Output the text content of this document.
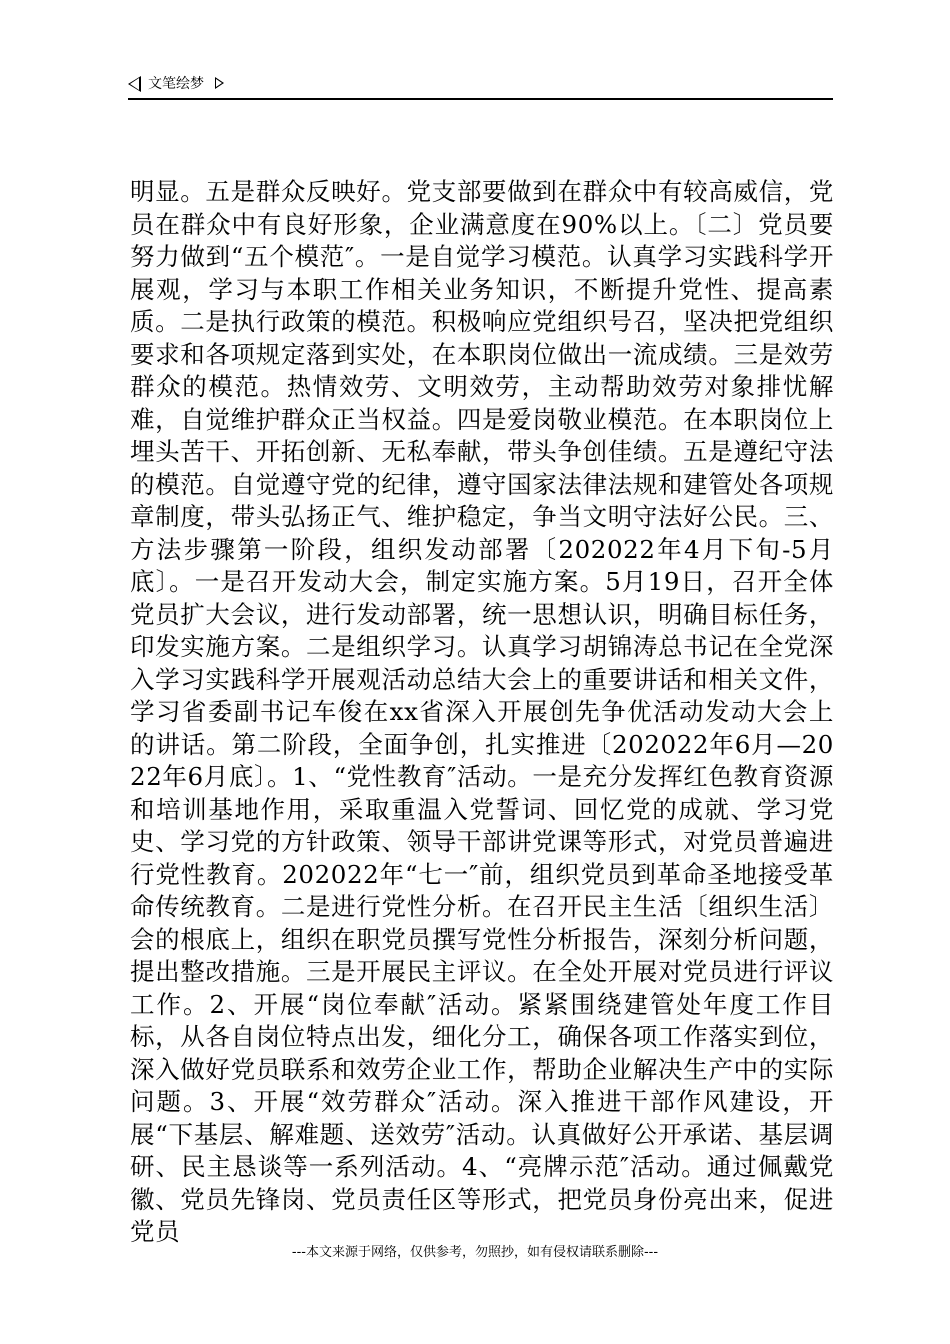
文笔绘梦

明显。五是群众反映好。党支部要做到在群众中有较高威信，党员在群众中有良好形象，企业满意度在90%以上。〔二〕党员要努力做到“五个模范″。一是自觉学习模范。认真学习实践科学开展观，学习与本职工作相关业务知识，不断提升党性、提高素质。二是执行政策的模范。积极响应党组织号召，坚决把党组织要求和各项规定落到实处，在本职岗位做出一流成绩。三是效劳群众的模范。热情效劳、文明效劳，主动帮助效劳对象排忧解难，自觉维护群众正当权益。四是爱岗敬业模范。在本职岗位上埋头苦干、开拓创新、无私奉献，带头争创佳绩。五是遵纪守法的模范。自觉遵守党的纪律，遵守国家法律法规和建管处各项规章制度，带头弘扬正气、维护稳定，争当文明守法好公民。三、方法步骤第一阶段，组织发动部署〔202022年4月下旬-5月底〕。一是召开发动大会，制定实施方案。5月19日，召开全体党员扩大会议，进行发动部署，统一思想认识，明确目标任务，印发实施方案。二是组织学习。认真学习胡锦涛总书记在全党深入学习实践科学开展观活动总结大会上的重要讲话和相关文件，学习省委副书记车俊在xx省深入开展创先争优活动发动大会上的讲话。第二阶段，全面争创，扎实推进〔202022年6月—2022年6月底〕。1、“党性教育″活动。一是充分发挥红色教育资源和培训基地作用，采取重温入党誓词、回忆党的成就、学习党史、学习党的方针政策、领导干部讲党课等形式，对党员普遍进行党性教育。202022年“七一″前，组织党员到革命圣地接受革命传统教育。二是进行党性分析。在召开民主生活〔组织生活〕会的根底上，组织在职党员撰写党性分析报告，深刻分析问题，提出整改措施。三是开展民主评议。在全处开展对党员进行评议工作。2、开展“岗位奉献″活动。紧紧围绕建管处年度工作目标，从各自岗位特点出发，细化分工，确保各项工作落实到位，深入做好党员联系和效劳企业工作，帮助企业解决生产中的实际问题。3、开展“效劳群众″活动。深入推进干部作风建设，开展“下基层、解难题、送效劳″活动。认真做好公开承诺、基层调研、民主恳谈等一系列活动。4、“亮牌示范″活动。通过佩戴党徽、党员先锋岗、党员责任区等形式，把党员身份亮出来，促进党员

---本文来源于网络，仅供参考，勿照抄，如有侵权请联系删除---
